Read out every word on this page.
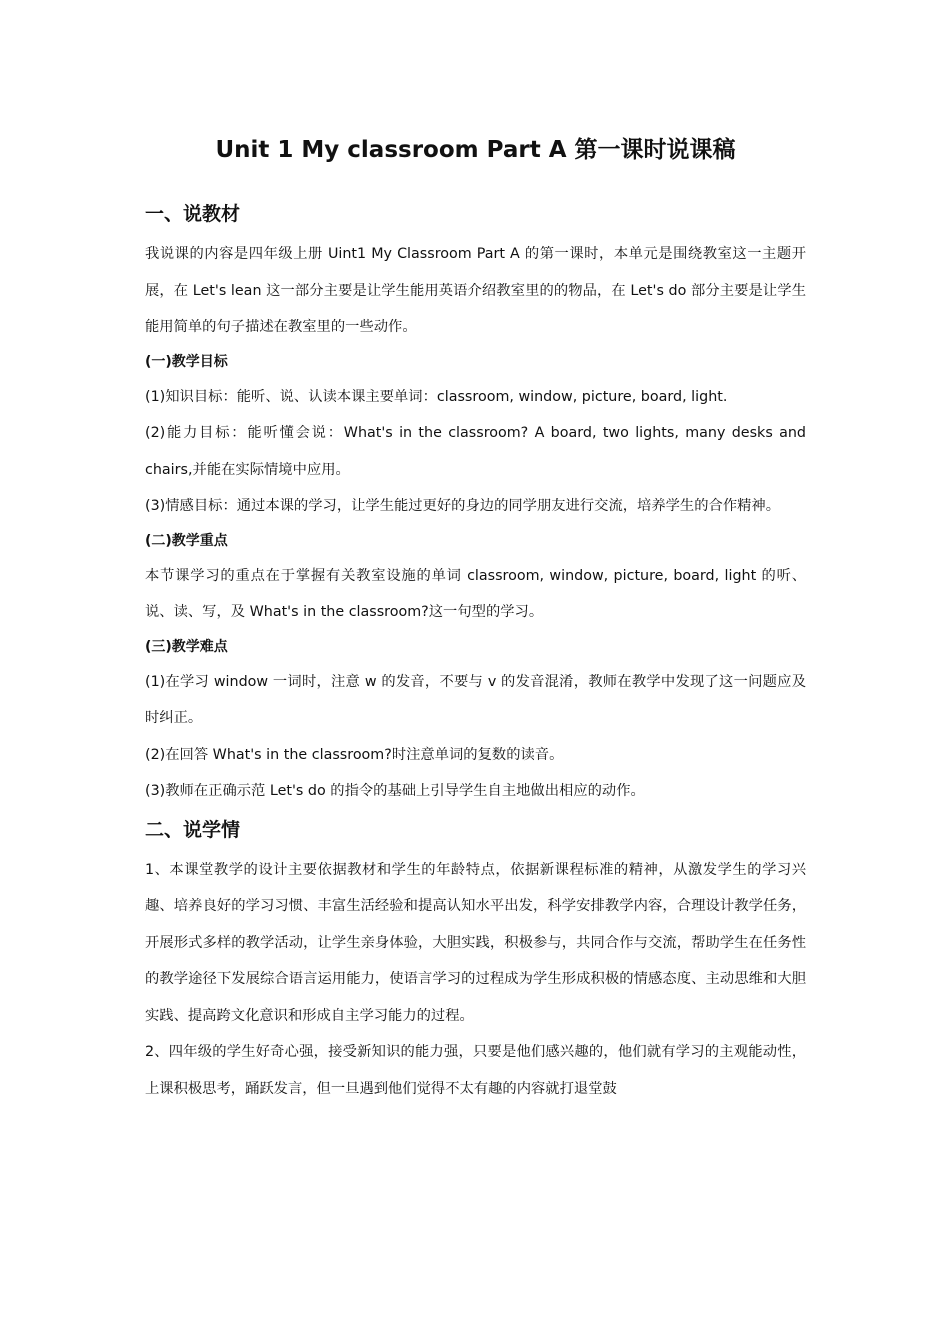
Unit 1 My classroom Part A 第一课时说课稿
一、说教材

我说课的内容是四年级上册 Uint1 My Classroom Part A 的第一课时，本单元是围绕教室这一主题开展，在 Let's lean 这一部分主要是让学生能用英语介绍教室里的的物品，在 Let's do 部分主要是让学生能用简单的句子描述在教室里的一些动作。

(一)教学目标

(1)知识目标：能听、说、认读本课主要单词：classroom, window, picture, board, light.

(2)能力目标：能听懂会说：What's in the classroom? A board, two lights, many desks and chairs,并能在实际情境中应用。

(3)情感目标：通过本课的学习，让学生能过更好的身边的同学朋友进行交流，培养学生的合作精神。

(二)教学重点

本节课学习的重点在于掌握有关教室设施的单词 classroom, window, picture, board, light 的听、说、读、写，及 What's in the classroom?这一句型的学习。

(三)教学难点

(1)在学习 window 一词时，注意 w 的发音，不要与 v 的发音混淆，教师在教学中发现了这一问题应及时纠正。

(2)在回答 What's in the classroom?时注意单词的复数的读音。

(3)教师在正确示范 Let's do 的指令的基础上引导学生自主地做出相应的动作。

二、说学情

1、本课堂教学的设计主要依据教材和学生的年龄特点，依据新课程标准的精神，从激发学生的学习兴趣、培养良好的学习习惯、丰富生活经验和提高认知水平出发，科学安排教学内容，合理设计教学任务，开展形式多样的教学活动，让学生亲身体验，大胆实践，积极参与，共同合作与交流，帮助学生在任务性的教学途径下发展综合语言运用能力，使语言学习的过程成为学生形成积极的情感态度、主动思维和大胆实践、提高跨文化意识和形成自主学习能力的过程。

2、四年级的学生好奇心强，接受新知识的能力强，只要是他们感兴趣的，他们就有学习的主观能动性，上课积极思考，踊跃发言，但一旦遇到他们觉得不太有趣的内容就打退堂鼓
